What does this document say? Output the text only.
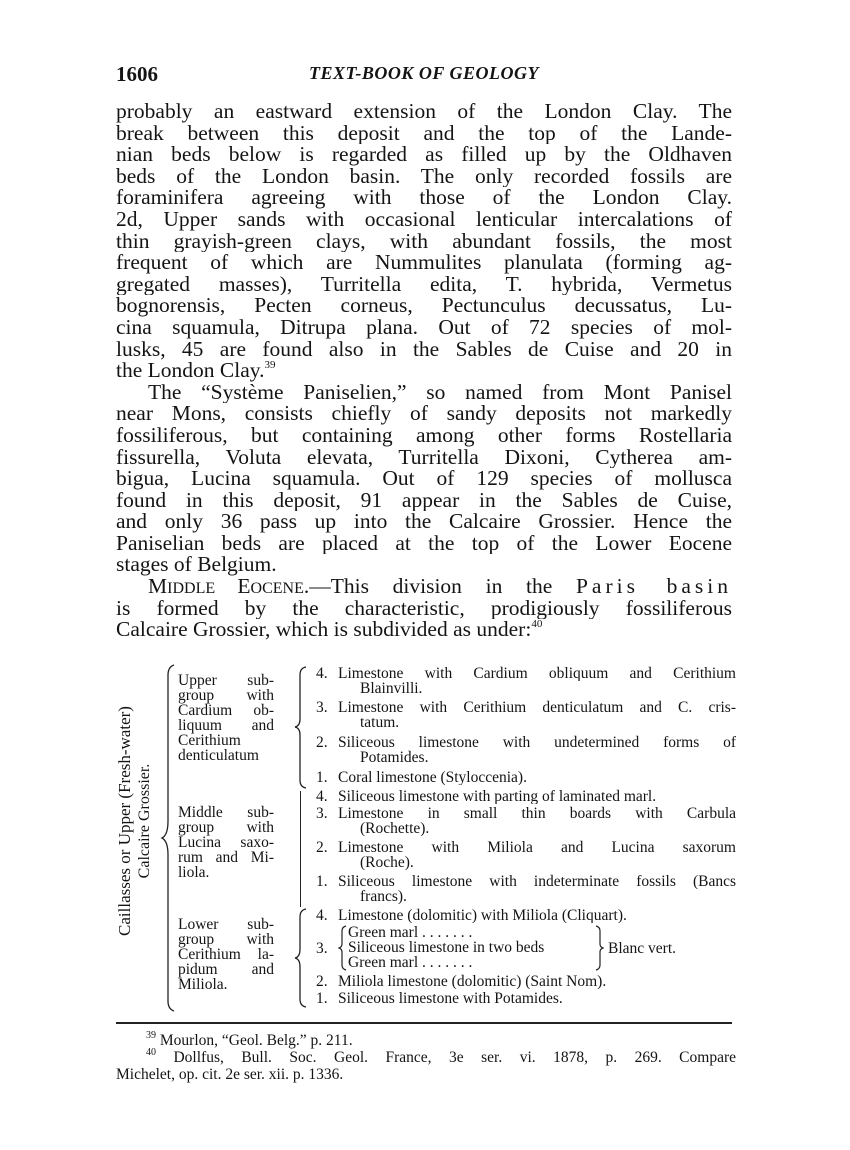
1606	TEXT-BOOK OF GEOLOGY
probably an eastward extension of the London Clay. The
break between this deposit and the top of the Lande-
nian beds below is regarded as filled up by the Oldhaven
beds of the London basin. The only recorded fossils are
foraminifera agreeing with those of the London Clay.
2d, Upper sands with occasional lenticular intercalations of
thin grayish-green clays, with abundant fossils, the most
frequent of which are Nummulites planulata (forming ag-
gregated masses), Turritella edita, T. hybrida, Vermetus
bognorensis, Pecten corneus, Pectunculus decussatus, Lu-
cina squamula, Ditrupa plana. Out of 72 species of mol-
lusks, 45 are found also in the Sables de Cuise and 20 in
the London Clay.$^{39}$
The “Système Paniselien,” so named from Mont Panisel
near Mons, consists chiefly of sandy deposits not markedly
fossiliferous, but containing among other forms Rostellaria
fissurella, Voluta elevata, Turritella Dixoni, Cytherea am-
bigua, Lucina squamula. Out of 129 species of mollusca
found in this deposit, 91 appear in the Sables de Cuise,
and only 36 pass up into the Calcaire Grossier. Hence the
Paniselian beds are placed at the top of the Lower Eocene
stages of Belgium.
MIDDLE EOCENE.—This division in the Paris basin
is formed by the characteristic, prodigiously fossiliferous
Calcaire Grossier, which is subdivided as under:$^{40}$
Caillasses or Upper (Fresh-water) Calcaire Grossier.
Upper sub-
group with
Cardium ob-
liquum and
Cerithium
denticulatum
Middle sub-
group with
Lucina saxo-
rum and Mi-
liola.
Lower sub-
group with
Cerithium la-
pidum and
Miliola.
4. Limestone with Cardium obliquum and Cerithium
Blainvilli.
3. Limestone with Cerithium denticulatum and C. cris-
tatum.
2. Siliceous limestone with undetermined forms of
Potamides.
1. Coral limestone (Styloccenia).
4. Siliceous limestone with parting of laminated marl.
3. Limestone in small thin boards with Carbula
(Rochette).
2. Limestone with Miliola and Lucina saxorum
(Roche).
1. Siliceous limestone with indeterminate fossils (Bancs
francs).
4. Limestone (dolomitic) with Miliola (Cliquart).
3.
Green marl . . . . . . .
Siliceous limestone in two beds
Green marl . . . . . . .
Blanc vert.
2. Miliola limestone (dolomitic) (Saint Nom).
1. Siliceous limestone with Potamides.
$^{39}$ Mourlon, “Geol. Belg.” p. 211.
$^{40}$ Dollfus, Bull. Soc. Geol. France, 3e ser. vi. 1878, p. 269. Compare
Michelet, op. cit. 2e ser. xii. p. 1336.
